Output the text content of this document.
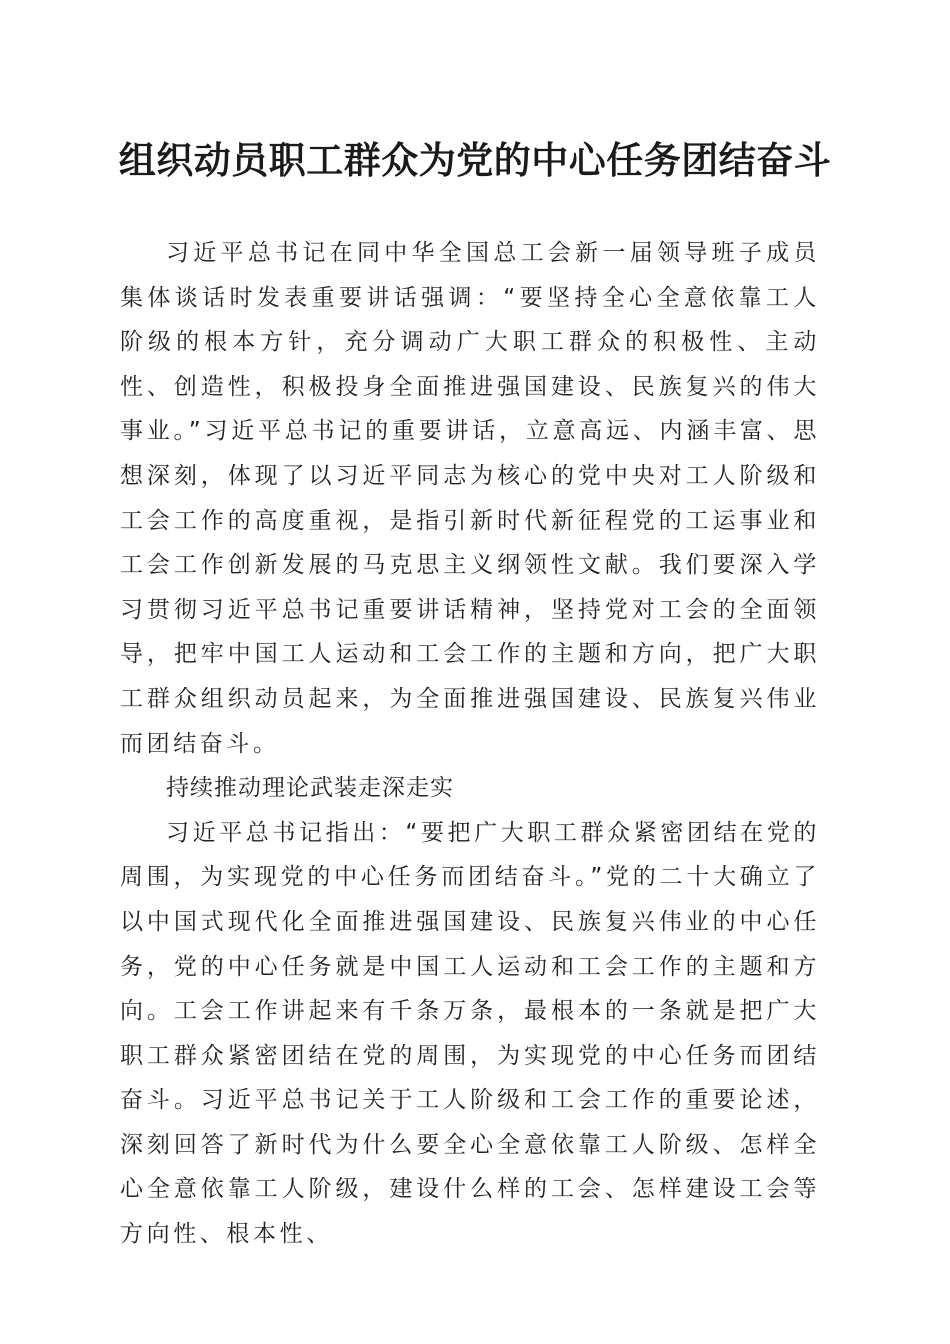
组织动员职工群众为党的中心任务团结奋斗

习近平总书记在同中华全国总工会新一届领导班子成员集体谈话时发表重要讲话强调：“要坚持全心全意依靠工人阶级的根本方针，充分调动广大职工群众的积极性、主动性、创造性，积极投身全面推进强国建设、民族复兴的伟大事业。”习近平总书记的重要讲话，立意高远、内涵丰富、思想深刻，体现了以习近平同志为核心的党中央对工人阶级和工会工作的高度重视，是指引新时代新征程党的工运事业和工会工作创新发展的马克思主义纲领性文献。我们要深入学习贯彻习近平总书记重要讲话精神，坚持党对工会的全面领导，把牢中国工人运动和工会工作的主题和方向，把广大职工群众组织动员起来，为全面推进强国建设、民族复兴伟业而团结奋斗。

持续推动理论武装走深走实

习近平总书记指出：“要把广大职工群众紧密团结在党的周围，为实现党的中心任务而团结奋斗。”党的二十大确立了以中国式现代化全面推进强国建设、民族复兴伟业的中心任务，党的中心任务就是中国工人运动和工会工作的主题和方向。工会工作讲起来有千条万条，最根本的一条就是把广大职工群众紧密团结在党的周围，为实现党的中心任务而团结奋斗。习近平总书记关于工人阶级和工会工作的重要论述，深刻回答了新时代为什么要全心全意依靠工人阶级、怎样全心全意依靠工人阶级，建设什么样的工会、怎样建设工会等方向性、根本性、
